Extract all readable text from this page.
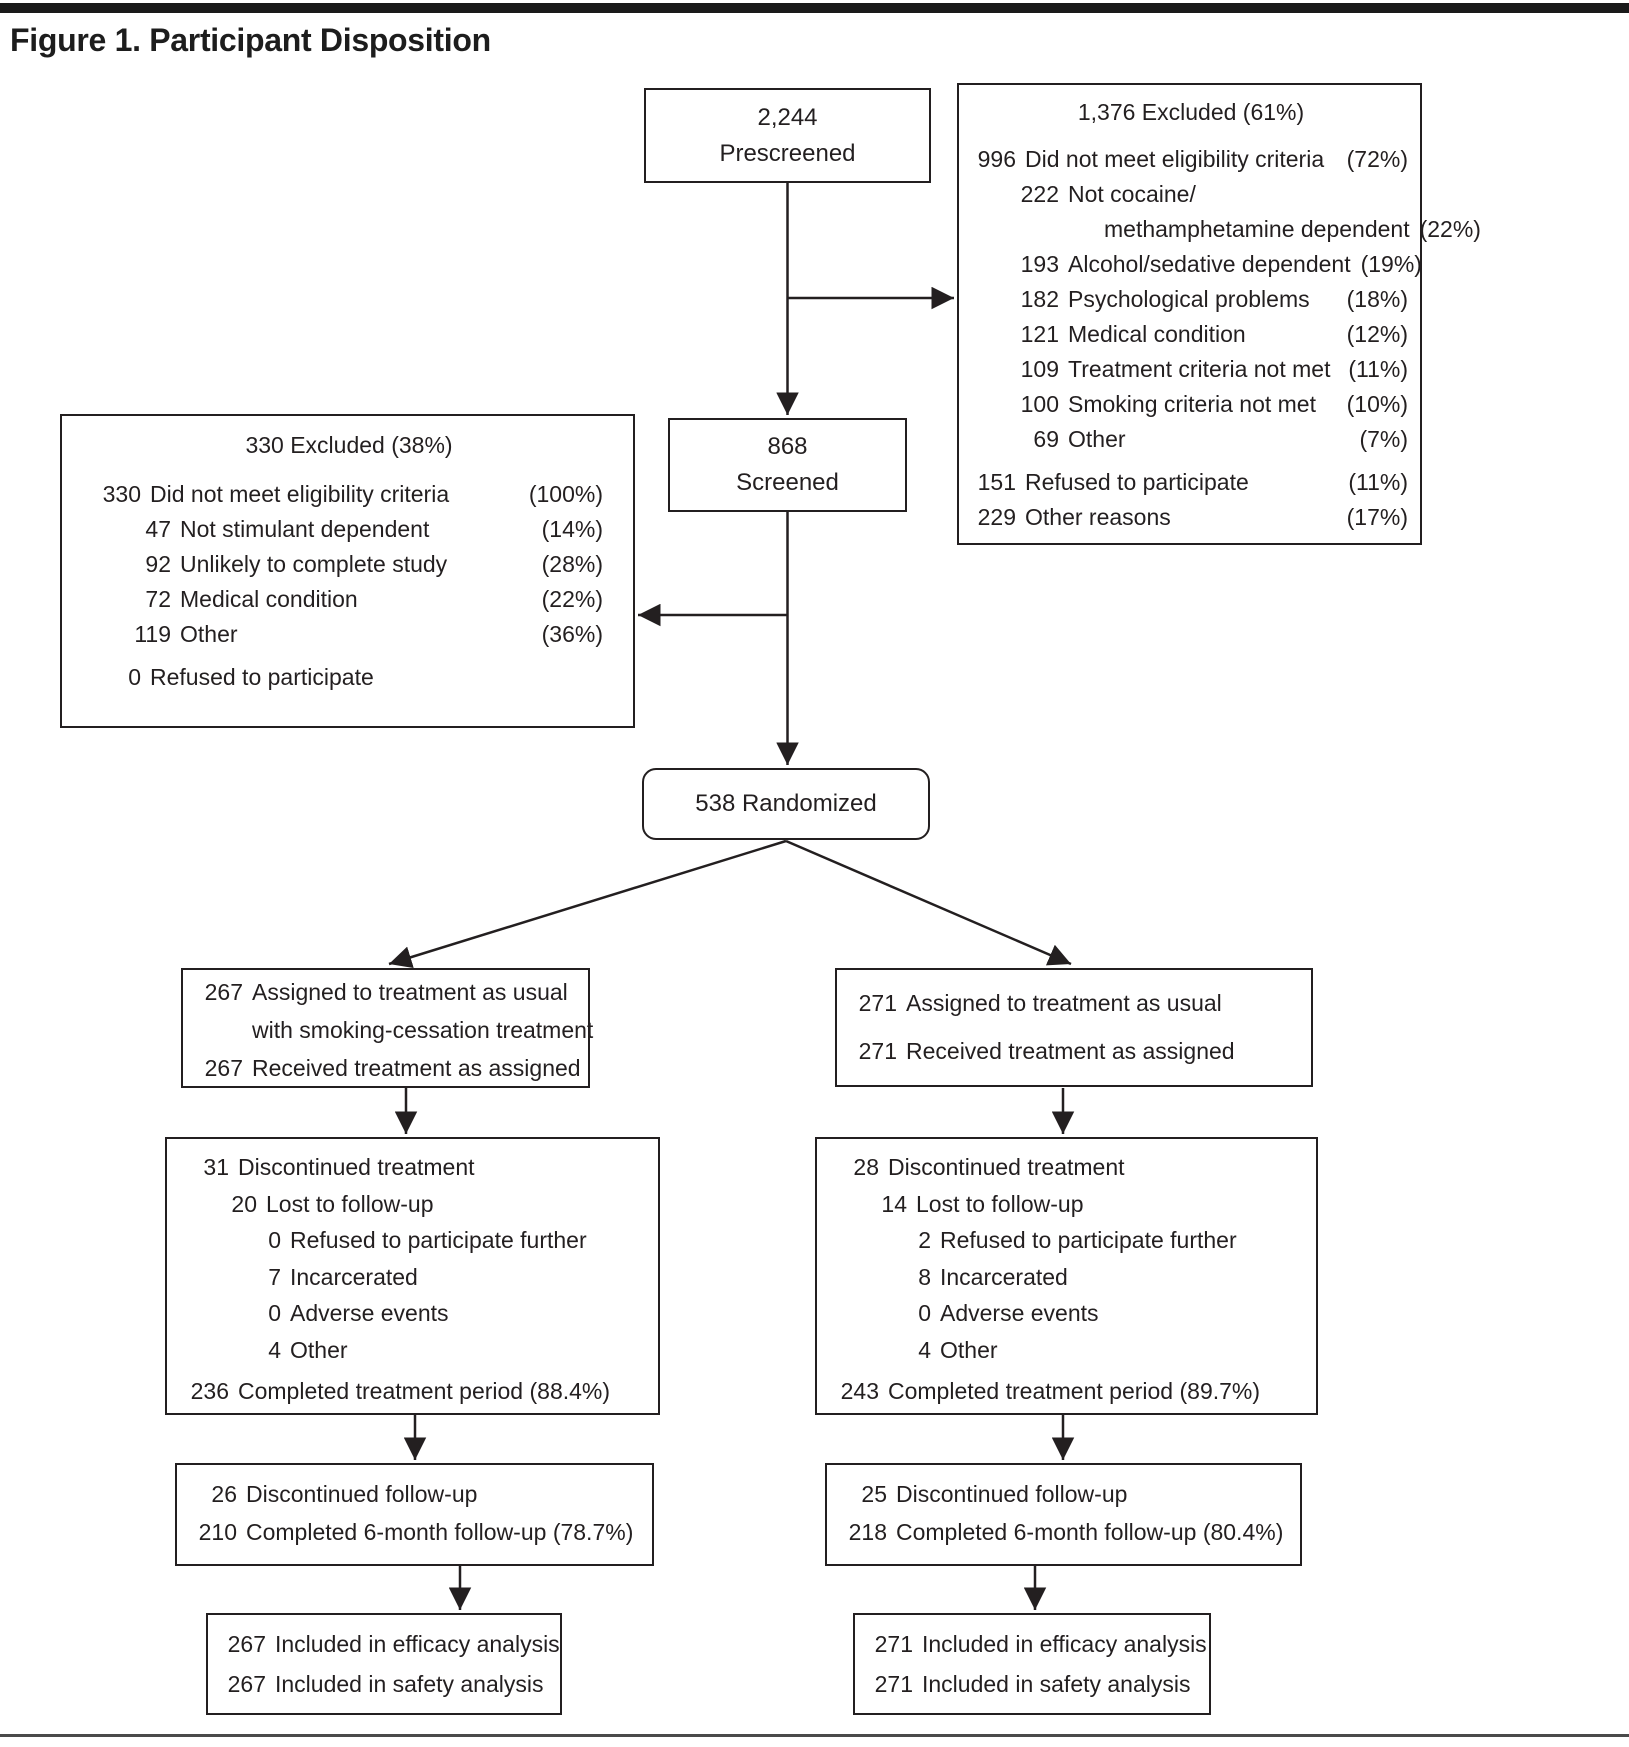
Figure 1. Participant Disposition
2,244
Prescreened
1,376 Excluded (61%)
996 Did not meet eligibility criteria (72%)
222 Not cocaine/
methamphetamine dependent (22%)
193 Alcohol/sedative dependent (19%)
182 Psychological problems	(18%)
121 Medical condition	(12%)
109 Treatment criteria not met (11%)
100 Smoking criteria not met	(10%)
69 Other	(7%)
151 Refused to participate	(11%)
229 Other reasons	(17%)
868
Screened
330 Excluded (38%)
330 Did not meet eligibility criteria	(100%)
47 Not stimulant dependent	(14%)
92 Unlikely to complete study	(28%)
72 Medical condition	(22%)
119 Other	(36%)
0 Refused to participate
538 Randomized
267 Assigned to treatment as usual
with smoking-cessation treatment
267 Received treatment as assigned
271 Assigned to treatment as usual
271 Received treatment as assigned
31 Discontinued treatment
20 Lost to follow-up
0 Refused to participate further
7 Incarcerated
0 Adverse events
4 Other
236 Completed treatment period (88.4%)
28 Discontinued treatment
14 Lost to follow-up
2 Refused to participate further
8 Incarcerated
0 Adverse events
4 Other
243 Completed treatment period (89.7%)
26 Discontinued follow-up
210 Completed 6-month follow-up (78.7%)
25 Discontinued follow-up
218 Completed 6-month follow-up (80.4%)
267 Included in efficacy analysis
267 Included in safety analysis
271 Included in efficacy analysis
271 Included in safety analysis
